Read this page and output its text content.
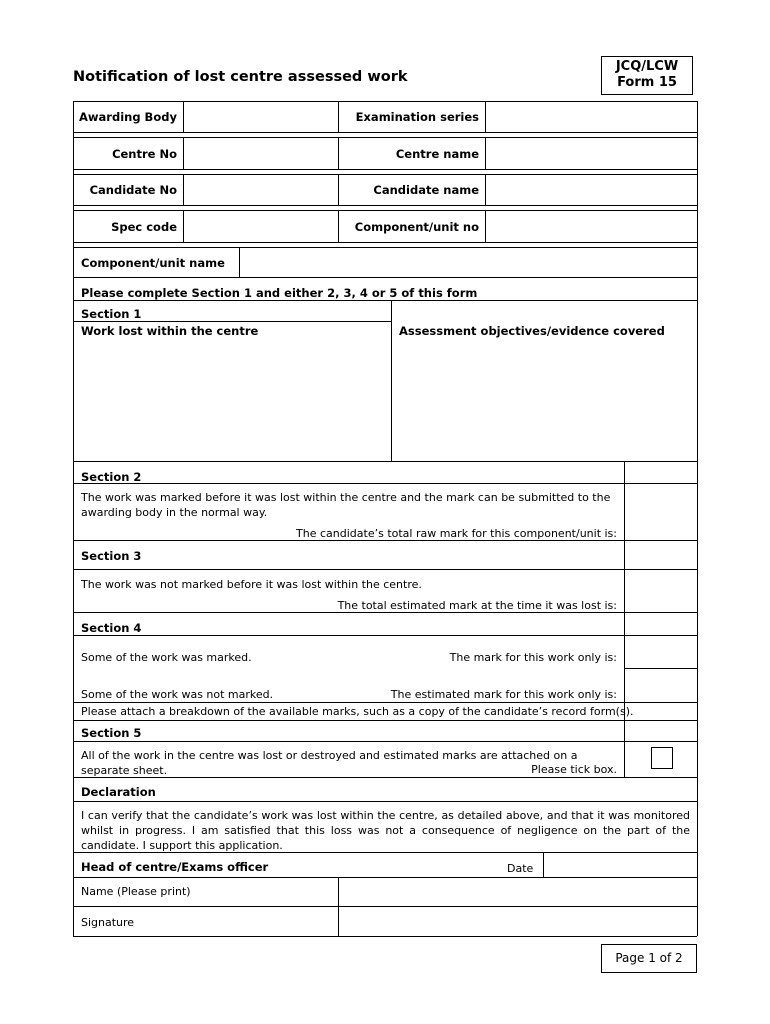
Notification of lost centre assessed work
JCQ/LCW
Form 15
Awarding Body	Examination series
Centre No	Centre name
Candidate No	Candidate name
Spec code	Component/unit no
Component/unit name
Please complete Section 1 and either 2, 3, 4 or 5 of this form
Section 1
Work lost within the centre	Assessment objectives/evidence covered
Section 2
The work was marked before it was lost within the centre and the mark can be submitted to the awarding body in the normal way.
The candidate’s total raw mark for this component/unit is:
Section 3
The work was not marked before it was lost within the centre.
The total estimated mark at the time it was lost is:
Section 4
Some of the work was marked.	The mark for this work only is:
Some of the work was not marked.	The estimated mark for this work only is:
Please attach a breakdown of the available marks, such as a copy of the candidate’s record form(s).
Section 5
All of the work in the centre was lost or destroyed and estimated marks are attached on a separate sheet.	Please tick box.
Declaration
I can verify that the candidate’s work was lost within the centre, as detailed above, and that it was monitored whilst in progress. I am satisfied that this loss was not a consequence of negligence on the part of the candidate. I support this application.
Head of centre/Exams officer	Date
Name (Please print)
Signature
Page 1 of 2
